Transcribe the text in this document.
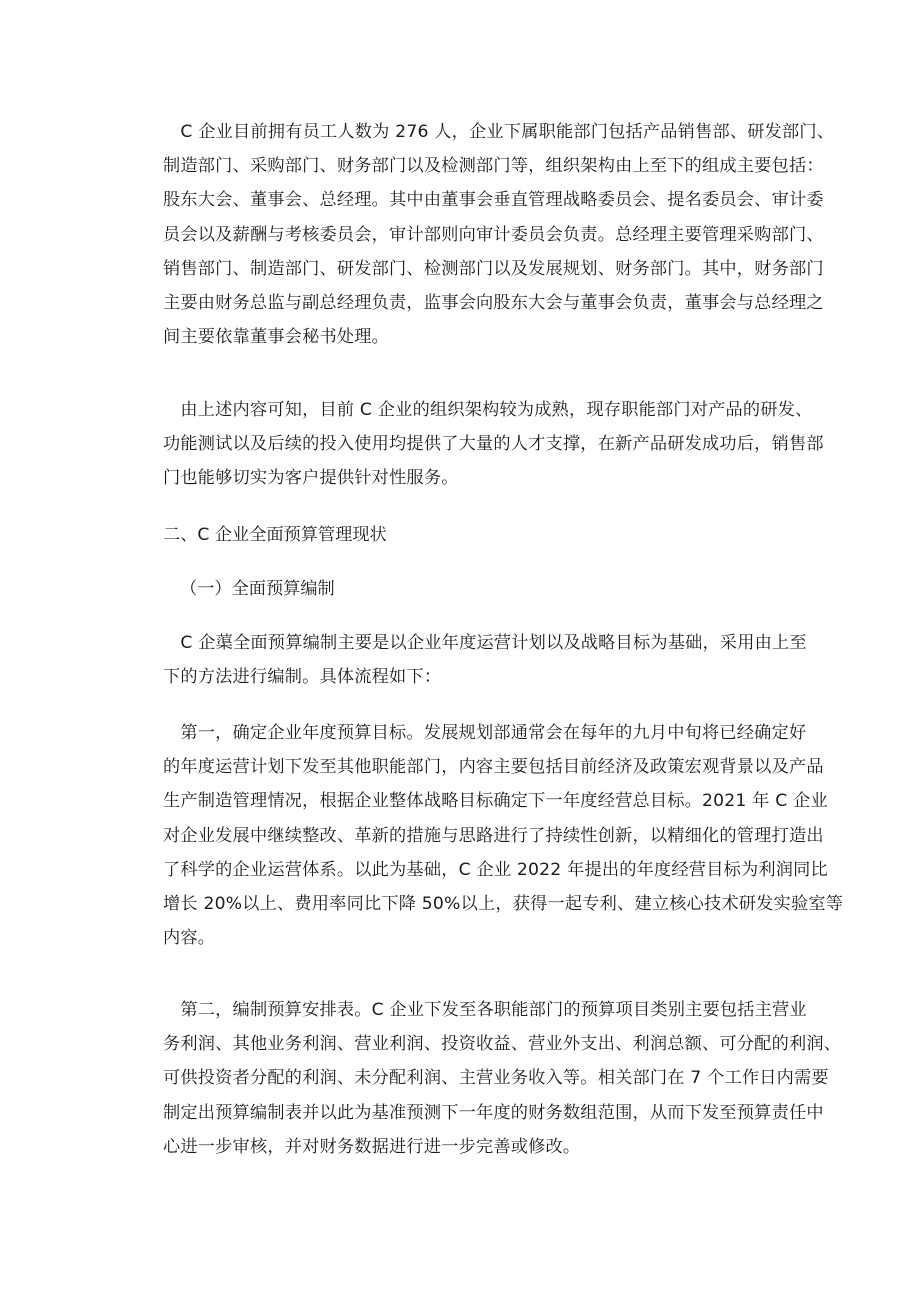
　C 企业目前拥有员工人数为 276 人，企业下属职能部门包括产品销售部、研发部门、
制造部门、采购部门、财务部门以及检测部门等，组织架构由上至下的组成主要包括：
股东大会、董事会、总经理。其中由董事会垂直管理战略委员会、提名委员会、审计委
员会以及薪酬与考核委员会，审计部则向审计委员会负责。总经理主要管理采购部门、
销售部门、制造部门、研发部门、检测部门以及发展规划、财务部门。其中，财务部门
主要由财务总监与副总经理负责，监事会向股东大会与董事会负责，董事会与总经理之
间主要依靠董事会秘书处理。
　由上述内容可知，目前 C 企业的组织架构较为成熟，现存职能部门对产品的研发、
功能测试以及后续的投入使用均提供了大量的人才支撑，在新产品研发成功后，销售部
门也能够切实为客户提供针对性服务。
二、C 企业全面预算管理现状
（一）全面预算编制
　C 企蕖全面预算编制主要是以企业年度运营计划以及战略目标为基础，采用由上至
下的方法进行编制。具体流程如下：
　第一，确定企业年度预算目标。发展规划部通常会在每年的九月中旬将已经确定好
的年度运营计划下发至其他职能部门，内容主要包括目前经济及政策宏观背景以及产品
生产制造管理情况，根据企业整体战略目标确定下一年度经营总目标。2021 年 C 企业
对企业发展中继续整改、革新的措施与思路进行了持续性创新，以精细化的管理打造出
了科学的企业运营体系。以此为基础，C 企业 2022 年提出的年度经营目标为利润同比
增长 20%以上、费用率同比下降 50%以上，获得一起专利、建立核心技术研发实验室等
内容。
　第二，编制预算安排表。C 企业下发至各职能部门的预算项目类别主要包括主营业
务利润、其他业务利润、营业利润、投资收益、营业外支出、利润总额、可分配的利润、
可供投资者分配的利润、未分配利润、主营业务收入等。相关部门在 7 个工作日内需要
制定出预算编制表并以此为基准预测下一年度的财务数组范围，从而下发至预算责任中
心进一步审核，并对财务数据进行进一步完善或修改。
